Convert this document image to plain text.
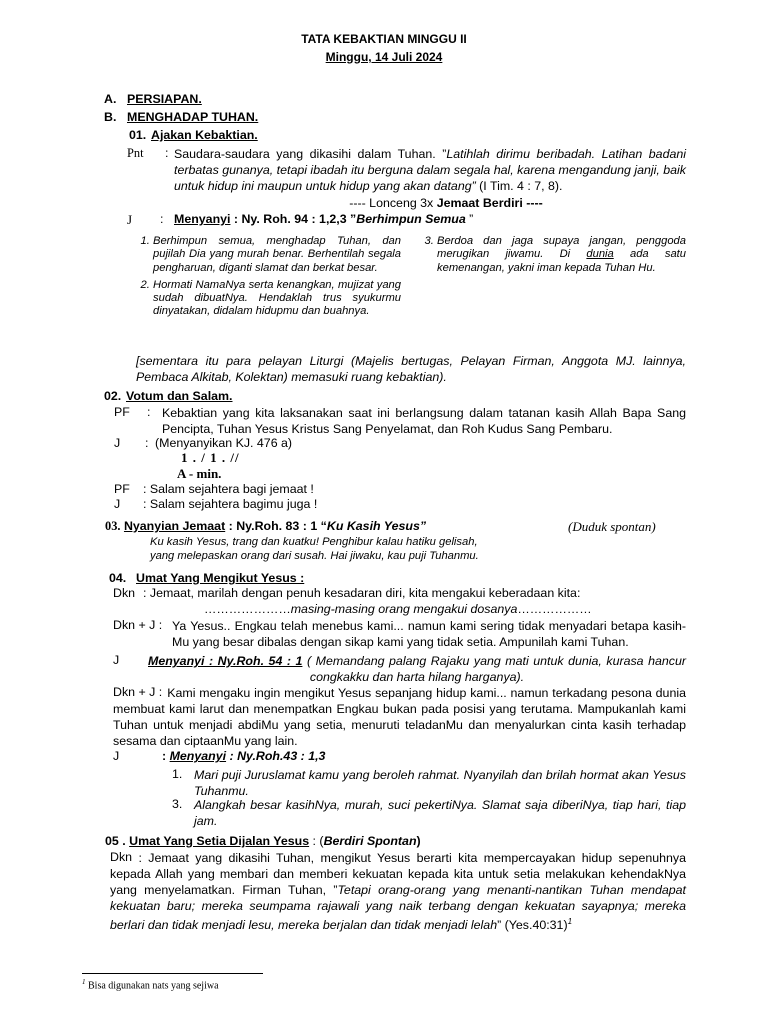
TATA KEBAKTIAN MINGGU II
Minggu, 14 Juli 2024
A. PERSIAPAN.
B. MENGHADAP TUHAN.
01. Ajakan Kebaktian.
Pnt : Saudara-saudara yang dikasihi dalam Tuhan. ”Latihlah dirimu beribadah. Latihan badani terbatas gunanya, tetapi ibadah itu berguna dalam segala hal, karena mengandung janji, baik untuk hidup ini maupun untuk hidup yang akan datang” (I Tim. 4 : 7, 8).
---- Lonceng 3x Jemaat Berdiri ----
J : Menyanyi : Ny. Roh. 94 : 1,2,3 ”Berhimpun Semua ”
1. Berhimpun semua, menghadap Tuhan, dan pujilah Dia yang murah benar. Berhentilah segala pengharuan, diganti slamat dan berkat besar.
2. Hormati NamaNya serta kenangkan, mujizat yang sudah dibuatNya. Hendaklah trus syukurmu dinyatakan, didalam hidupmu dan buahnya.
3. Berdoa dan jaga supaya jangan, penggoda merugikan jiwamu. Di dunia ada satu kemenangan, yakni iman kepada Tuhan Hu.
[sementara itu para pelayan Liturgi (Majelis bertugas, Pelayan Firman, Anggota MJ. lainnya, Pembaca Alkitab, Kolektan) memasuki ruang kebaktian).
02. Votum dan Salam.
PF : Kebaktian yang kita laksanakan saat ini berlangsung dalam tatanan kasih Allah Bapa Sang Pencipta, Tuhan Yesus Kristus Sang Penyelamat, dan Roh Kudus Sang Pembaru.
J : (Menyanyikan KJ. 476 a)
1 . / 1 . //
A - min.
PF : Salam sejahtera bagi jemaat !
J : Salam sejahtera bagimu juga !
03. Nyanyian Jemaat : Ny.Roh. 83 : 1 “Ku Kasih Yesus”	(Duduk spontan)
Ku kasih Yesus, trang dan kuatku! Penghibur kalau hatiku gelisah,
yang melepaskan orang dari susah. Hai jiwaku, kau puji Tuhanmu.
04. Umat Yang Mengikut Yesus :
Dkn : Jemaat, marilah dengan penuh kesadaran diri, kita mengakui keberadaan kita:
…………………masing-masing orang mengakui dosanya………………
Dkn + J : Ya Yesus.. Engkau telah menebus kami... namun kami sering tidak menyadari betapa kasih-Mu yang besar dibalas dengan sikap kami yang tidak setia. Ampunilah kami Tuhan.
J Menyanyi : Ny.Roh. 54 : 1 ( Memandang palang Rajaku yang mati untuk dunia, kurasa hancur congkakku dan harta hilang harganya).
Dkn + J : Kami mengaku ingin mengikut Yesus sepanjang hidup kami... namun terkadang pesona dunia membuat kami larut dan menempatkan Engkau bukan pada posisi yang terutama. Mampukanlah kami Tuhan untuk menjadi abdiMu yang setia, menuruti teladanMu dan menyalurkan cinta kasih terhadap sesama dan ciptaanMu yang lain.
J	: Menyanyi : Ny.Roh.43 : 1,3
1. Mari puji Juruslamat kamu yang beroleh rahmat. Nyanyilah dan brilah hormat akan Yesus Tuhanmu.
3. Alangkah besar kasihNya, murah, suci pekertiNya. Slamat saja diberiNya, tiap hari, tiap jam.
05 . Umat Yang Setia Dijalan Yesus : (Berdiri Spontan)
Dkn : Jemaat yang dikasihi Tuhan, mengikut Yesus berarti kita mempercayakan hidup sepenuhnya kepada Allah yang membari dan memberi kekuatan kepada kita untuk setia melakukan kehendakNya yang menyelamatkan. Firman Tuhan, ”Tetapi orang-orang yang menanti-nantikan Tuhan mendapat kekuatan baru; mereka seumpama rajawali yang naik terbang dengan kekuatan sayapnya; mereka berlari dan tidak menjadi lesu, mereka berjalan dan tidak menjadi lelah” (Yes.40:31)$^1$
$^1$ Bisa digunakan nats yang sejiwa
